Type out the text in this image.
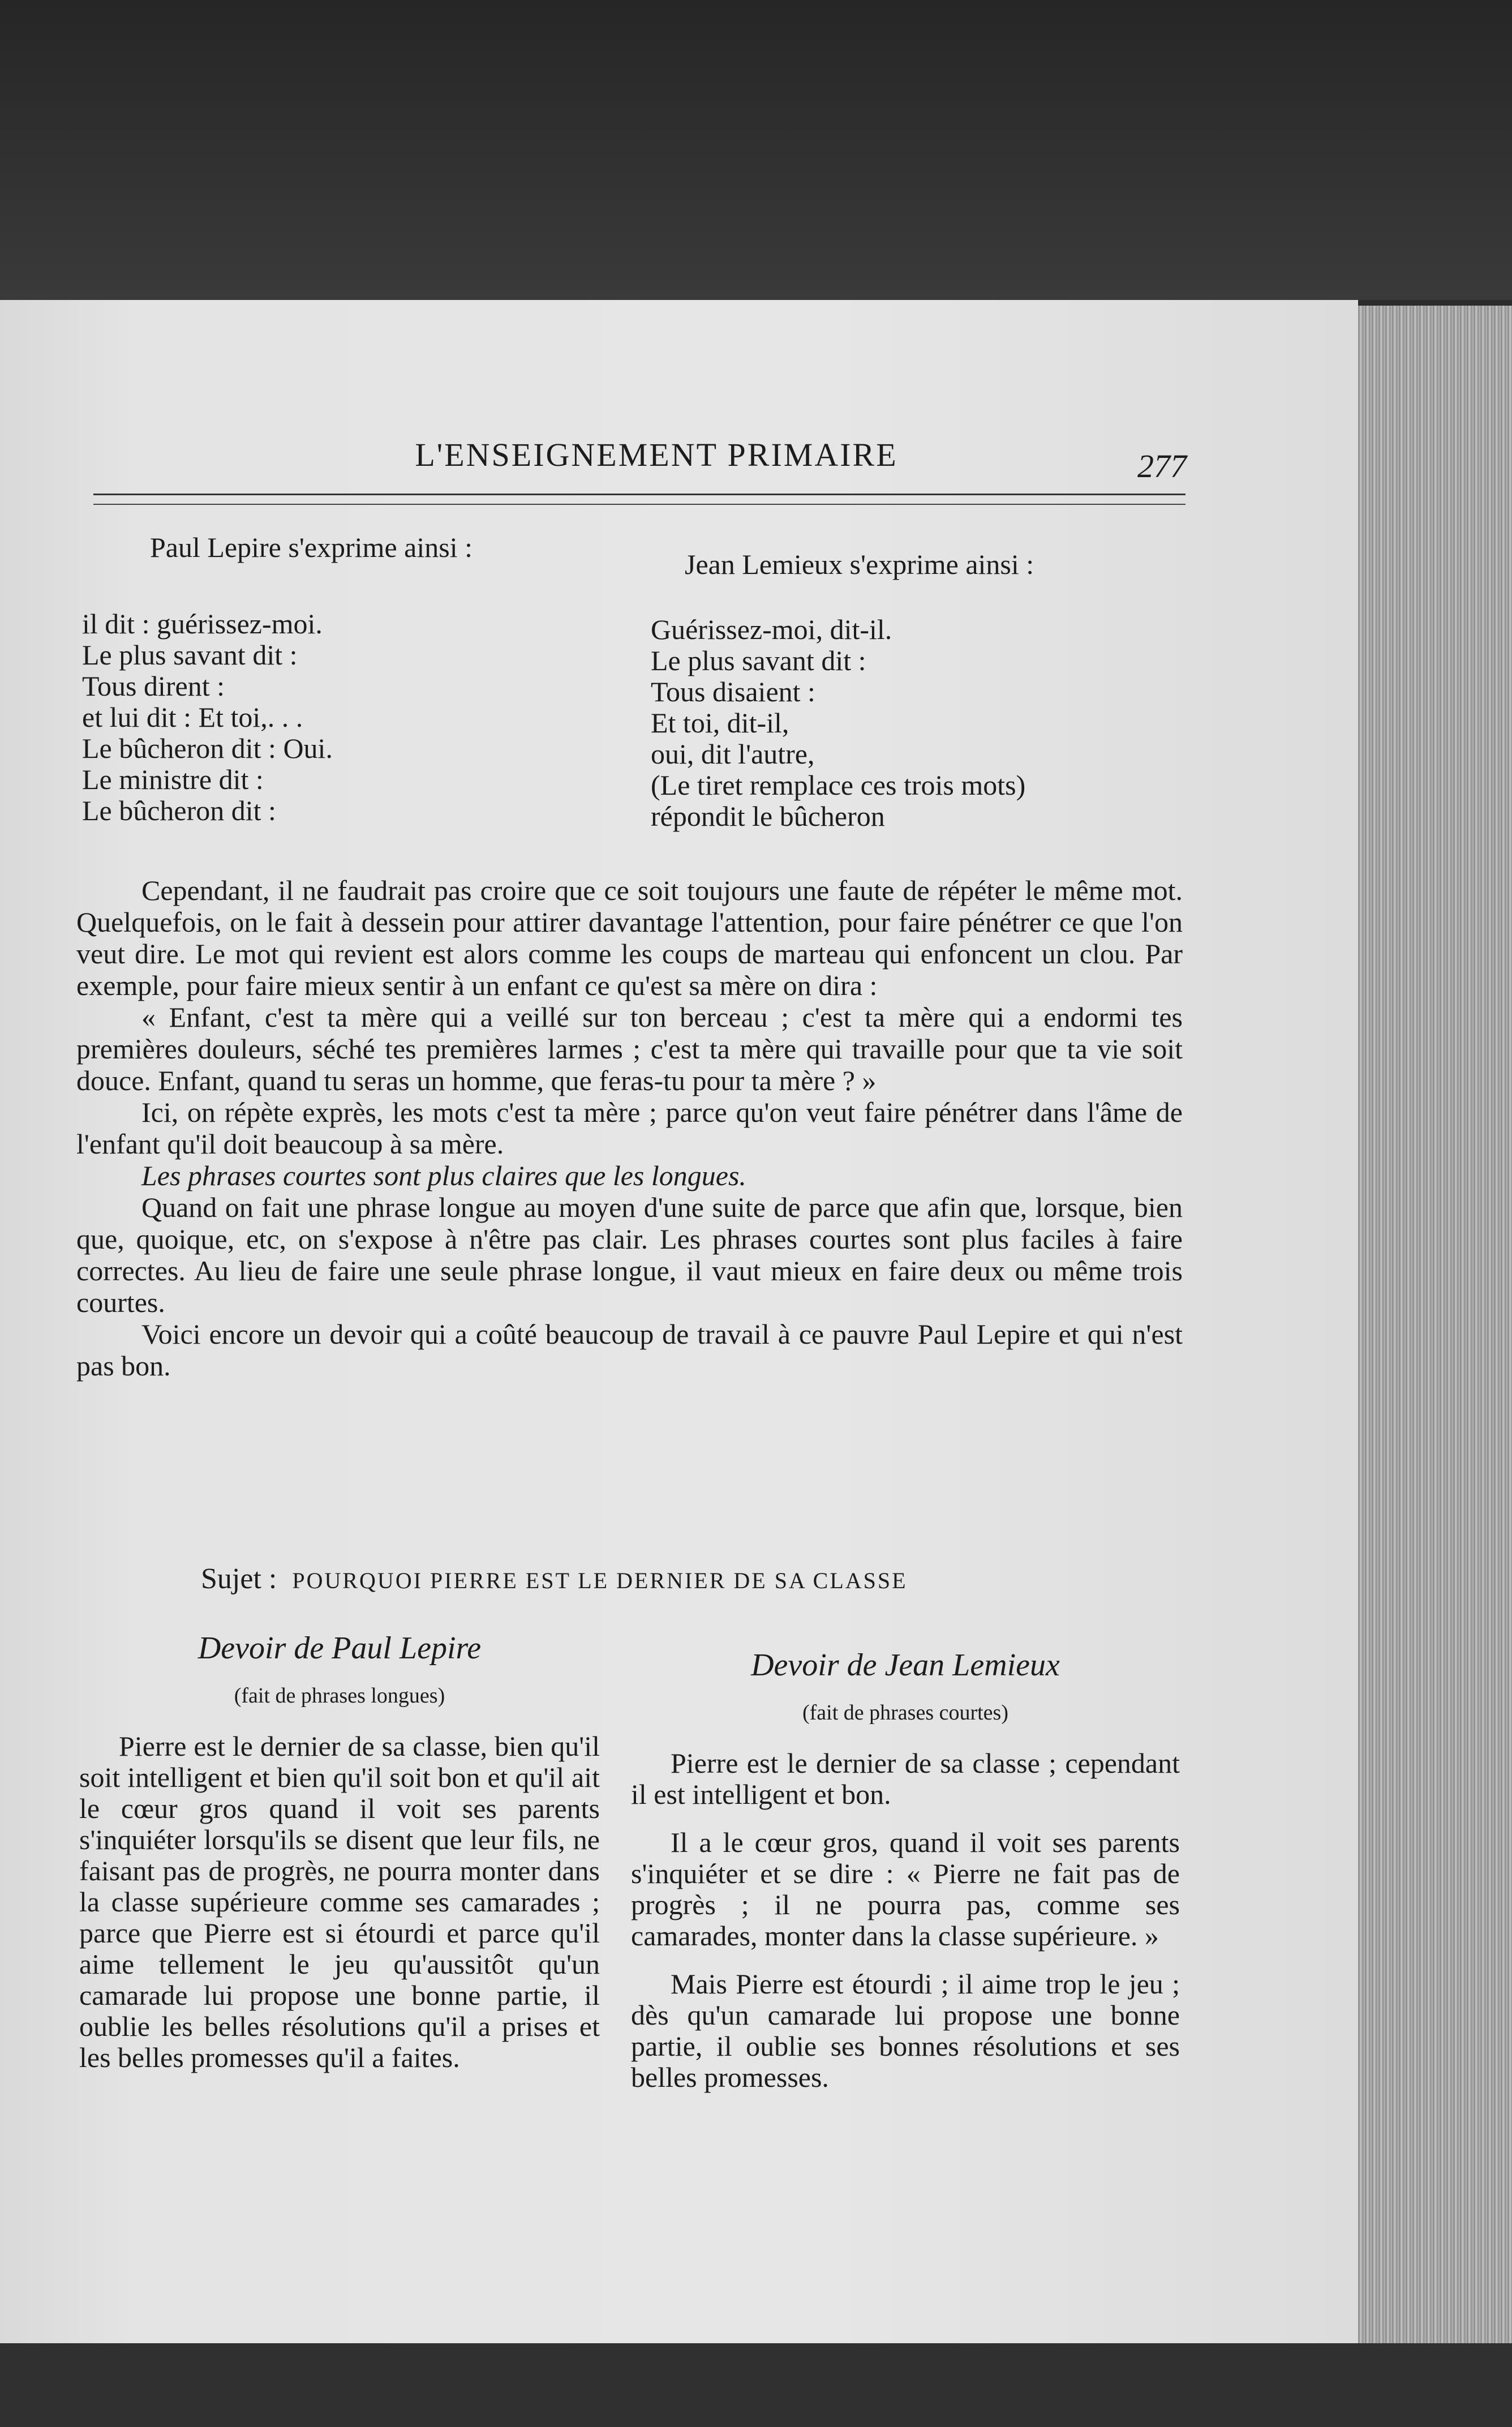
L'ENSEIGNEMENT PRIMAIRE	277
Paul Lepire s'exprime ainsi :
il dit : guérissez-moi.
Le plus savant dit :
Tous dirent :
et lui dit : Et toi,. . .
Le bûcheron dit : Oui.
Le ministre dit :
Le bûcheron dit :
Jean Lemieux s'exprime ainsi :
Guérissez-moi, dit-il.
Le plus savant dit :
Tous disaient :
Et toi, dit-il,
oui, dit l'autre,
(Le tiret remplace ces trois mots)
répondit le bûcheron

Cependant, il ne faudrait pas croire que ce soit toujours une faute de répéter le même mot. Quelquefois, on le fait à dessein pour attirer davantage l'attention, pour faire pénétrer ce que l'on veut dire. Le mot qui revient est alors comme les coups de marteau qui enfoncent un clou. Par exemple, pour faire mieux sentir à un enfant ce qu'est sa mère on dira :

« Enfant, c'est ta mère qui a veillé sur ton berceau ; c'est ta mère qui a endormi tes premières douleurs, séché tes premières larmes ; c'est ta mère qui travaille pour que ta vie soit douce. Enfant, quand tu seras un homme, que feras-tu pour ta mère ? »

Ici, on répète exprès, les mots c'est ta mère ; parce qu'on veut faire pénétrer dans l'âme de l'enfant qu'il doit beaucoup à sa mère.

Les phrases courtes sont plus claires que les longues.

Quand on fait une phrase longue au moyen d'une suite de parce que afin que, lorsque, bien que, quoique, etc, on s'expose à n'être pas clair. Les phrases courtes sont plus faciles à faire correctes. Au lieu de faire une seule phrase longue, il vaut mieux en faire deux ou même trois courtes.

Voici encore un devoir qui a coûté beaucoup de travail à ce pauvre Paul Lepire et qui n'est pas bon.

Sujet : POURQUOI PIERRE EST LE DERNIER DE SA CLASSE

Devoir de Paul Lepire

(fait de phrases longues)

Pierre est le dernier de sa classe, bien qu'il soit intelligent et bien qu'il soit bon et qu'il ait le cœur gros quand il voit ses parents s'inquiéter lorsqu'ils se disent que leur fils, ne faisant pas de progrès, ne pourra monter dans la classe supérieure comme ses camarades ; parce que Pierre est si étourdi et parce qu'il aime tellement le jeu qu'aussitôt qu'un camarade lui propose une bonne partie, il oublie les belles résolutions qu'il a prises et les belles promesses qu'il a faites.

Devoir de Jean Lemieux

(fait de phrases courtes)

Pierre est le dernier de sa classe ; cependant il est intelligent et bon.

Il a le cœur gros, quand il voit ses parents s'inquiéter et se dire : « Pierre ne fait pas de progrès ; il ne pourra pas, comme ses camarades, monter dans la classe supérieure. »

Mais Pierre est étourdi ; il aime trop le jeu ; dès qu'un camarade lui propose une bonne partie, il oublie ses bonnes résolutions et ses belles promesses.
